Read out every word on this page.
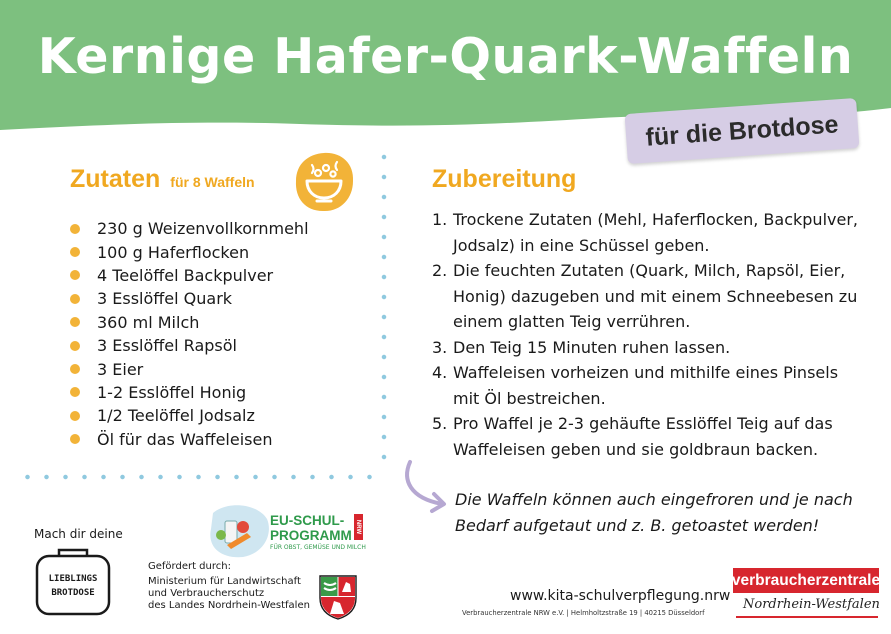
Kernige Hafer-Quark-Waffeln
für die Brotdose
Zutaten für 8 Waffeln
230 g Weizenvollkornmehl
100 g Haferflocken
4 Teelöffel Backpulver
3 Esslöffel Quark
360 ml Milch
3 Esslöffel Rapsöl
3 Eier
1-2 Esslöffel Honig
1/2 Teelöffel Jodsalz
Öl für das Waffeleisen
Zubereitung
1. Trockene Zutaten (Mehl, Haferflocken, Backpulver, Jodsalz) in eine Schüssel geben.
2. Die feuchten Zutaten (Quark, Milch, Rapsöl, Eier, Honig) dazugeben und mit einem Schneebesen zu einem glatten Teig verrühren.
3. Den Teig 15 Minuten ruhen lassen.
4. Waffeleisen vorheizen und mithilfe eines Pinsels mit Öl bestreichen.
5. Pro Waffel je 2-3 gehäufte Esslöffel Teig auf das Waffeleisen geben und sie goldbraun backen.
Die Waffeln können auch eingefroren und je nach Bedarf aufgetaut und z. B. getoastet werden!
Mach dir deine
LIEBLINGS
BROTDOSE
EU-SCHUL-
PROGRAMM
FÜR OBST, GEMÜSE UND MILCH
NRW
Gefördert durch:
Ministerium für Landwirtschaft
und Verbraucherschutz
des Landes Nordrhein-Westfalen
www.kita-schulverpflegung.nrw
Verbraucherzentrale NRW e.V. | Helmholtzstraße 19 | 40215 Düsseldorf
verbraucherzentrale
Nordrhein-Westfalen
